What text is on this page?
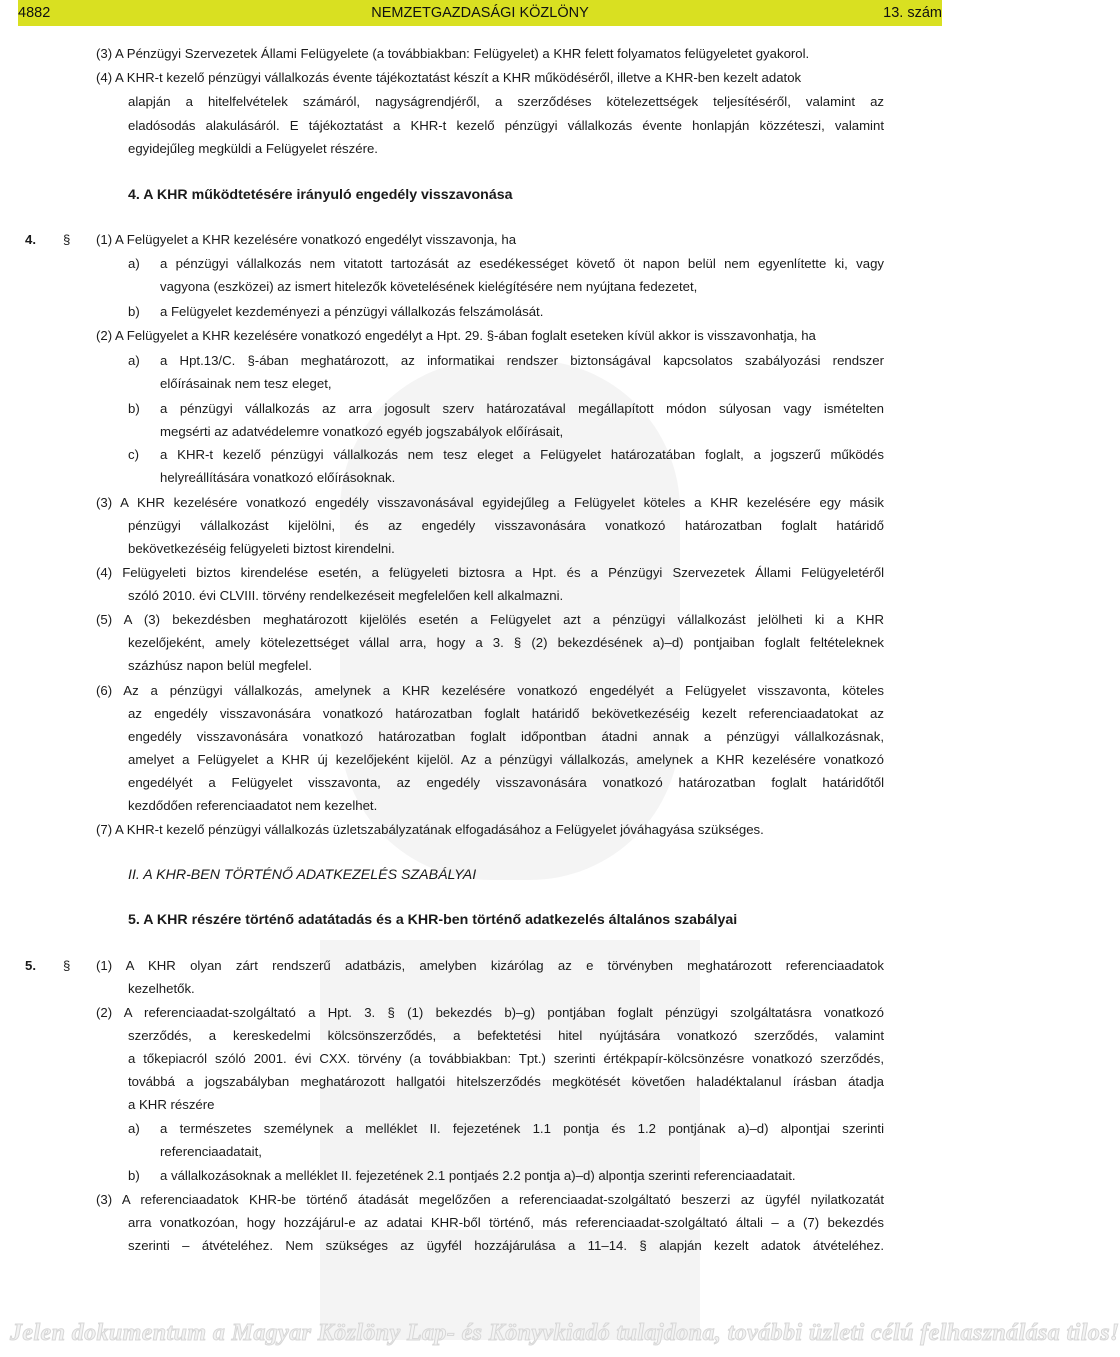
4882	NEMZETGAZDASÁGI KÖZLÖNY	13. szám
(3) A Pénzügyi Szervezetek Állami Felügyelete (a továbbiakban: Felügyelet) a KHR felett folyamatos felügyeletet gyakorol.
(4) A KHR-t kezelő pénzügyi vállalkozás évente tájékoztatást készít a KHR működéséről, illetve a KHR-ben kezelt adatok
alapján a hitelfelvételek számáról, nagyságrendjéről, a szerződéses kötelezettségek teljesítéséről, valamint az
eladósodás alakulásáról. E tájékoztatást a KHR-t kezelő pénzügyi vállalkozás évente honlapján közzéteszi, valamint
egyidejűleg megküldi a Felügyelet részére.
4. A KHR működtetésére irányuló engedély visszavonása
4. § (1) A Felügyelet a KHR kezelésére vonatkozó engedélyt visszavonja, ha
a) a pénzügyi vállalkozás nem vitatott tartozását az esedékességet követő öt napon belül nem egyenlítette ki, vagy
vagyona (eszközei) az ismert hitelezők követelésének kielégítésére nem nyújtana fedezetet,
b) a Felügyelet kezdeményezi a pénzügyi vállalkozás felszámolását.
(2) A Felügyelet a KHR kezelésére vonatkozó engedélyt a Hpt. 29. §-ában foglalt eseteken kívül akkor is visszavonhatja, ha
a) a Hpt.13/C. §-ában meghatározott, az informatikai rendszer biztonságával kapcsolatos szabályozási rendszer
előírásainak nem tesz eleget,
b) a pénzügyi vállalkozás az arra jogosult szerv határozatával megállapított módon súlyosan vagy ismételten
megsérti az adatvédelemre vonatkozó egyéb jogszabályok előírásait,
c) a KHR-t kezelő pénzügyi vállalkozás nem tesz eleget a Felügyelet határozatában foglalt, a jogszerű működés
helyreállítására vonatkozó előírásoknak.
(3) A KHR kezelésére vonatkozó engedély visszavonásával egyidejűleg a Felügyelet köteles a KHR kezelésére egy másik
pénzügyi vállalkozást kijelölni, és az engedély visszavonására vonatkozó határozatban foglalt határidő
bekövetkezéséig felügyeleti biztost kirendelni.
(4) Felügyeleti biztos kirendelése esetén, a felügyeleti biztosra a Hpt. és a Pénzügyi Szervezetek Állami Felügyeletéről
szóló 2010. évi CLVIII. törvény rendelkezéseit megfelelően kell alkalmazni.
(5) A (3) bekezdésben meghatározott kijelölés esetén a Felügyelet azt a pénzügyi vállalkozást jelölheti ki a KHR
kezelőjeként, amely kötelezettséget vállal arra, hogy a 3. § (2) bekezdésének a)–d) pontjaiban foglalt feltételeknek
százhúsz napon belül megfelel.
(6) Az a pénzügyi vállalkozás, amelynek a KHR kezelésére vonatkozó engedélyét a Felügyelet visszavonta, köteles
az engedély visszavonására vonatkozó határozatban foglalt határidő bekövetkezéséig kezelt referenciaadatokat az
engedély visszavonására vonatkozó határozatban foglalt időpontban átadni annak a pénzügyi vállalkozásnak,
amelyet a Felügyelet a KHR új kezelőjeként kijelöl. Az a pénzügyi vállalkozás, amelynek a KHR kezelésére vonatkozó
engedélyét a Felügyelet visszavonta, az engedély visszavonására vonatkozó határozatban foglalt határidőtől
kezdődően referenciaadatot nem kezelhet.
(7) A KHR-t kezelő pénzügyi vállalkozás üzletszabályzatának elfogadásához a Felügyelet jóváhagyása szükséges.
II. A KHR-BEN TÖRTÉNŐ ADATKEZELÉS SZABÁLYAI
5. A KHR részére történő adatátadás és a KHR-ben történő adatkezelés általános szabályai
5. § (1) A KHR olyan zárt rendszerű adatbázis, amelyben kizárólag az e törvényben meghatározott referenciaadatok
kezelhetők.
(2) A referenciaadat-szolgáltató a Hpt. 3. § (1) bekezdés b)–g) pontjában foglalt pénzügyi szolgáltatásra vonatkozó
szerződés, a kereskedelmi kölcsönszerződés, a befektetési hitel nyújtására vonatkozó szerződés, valamint
a tőkepiacról szóló 2001. évi CXX. törvény (a továbbiakban: Tpt.) szerinti értékpapír-kölcsönzésre vonatkozó szerződés,
továbbá a jogszabályban meghatározott hallgatói hitelszerződés megkötését követően haladéktalanul írásban átadja
a KHR részére
a) a természetes személynek a melléklet II. fejezetének 1.1 pontja és 1.2 pontjának a)–d) alpontjai szerinti
referenciaadatait,
b) a vállalkozásoknak a melléklet II. fejezetének 2.1 pontjaés 2.2 pontja a)–d) alpontja szerinti referenciaadatait.
(3) A referenciaadatok KHR-be történő átadását megelőzően a referenciaadat-szolgáltató beszerzi az ügyfél nyilatkozatát
arra vonatkozóan, hogy hozzájárul-e az adatai KHR-ből történő, más referenciaadat-szolgáltató általi – a (7) bekezdés
szerinti – átvételéhez. Nem szükséges az ügyfél hozzájárulása a 11–14. § alapján kezelt adatok átvételéhez.
Jelen dokumentum a Magyar Közlöny Lap- és Könyvkiadó tulajdona, további üzleti célú felhasználása tilos!
